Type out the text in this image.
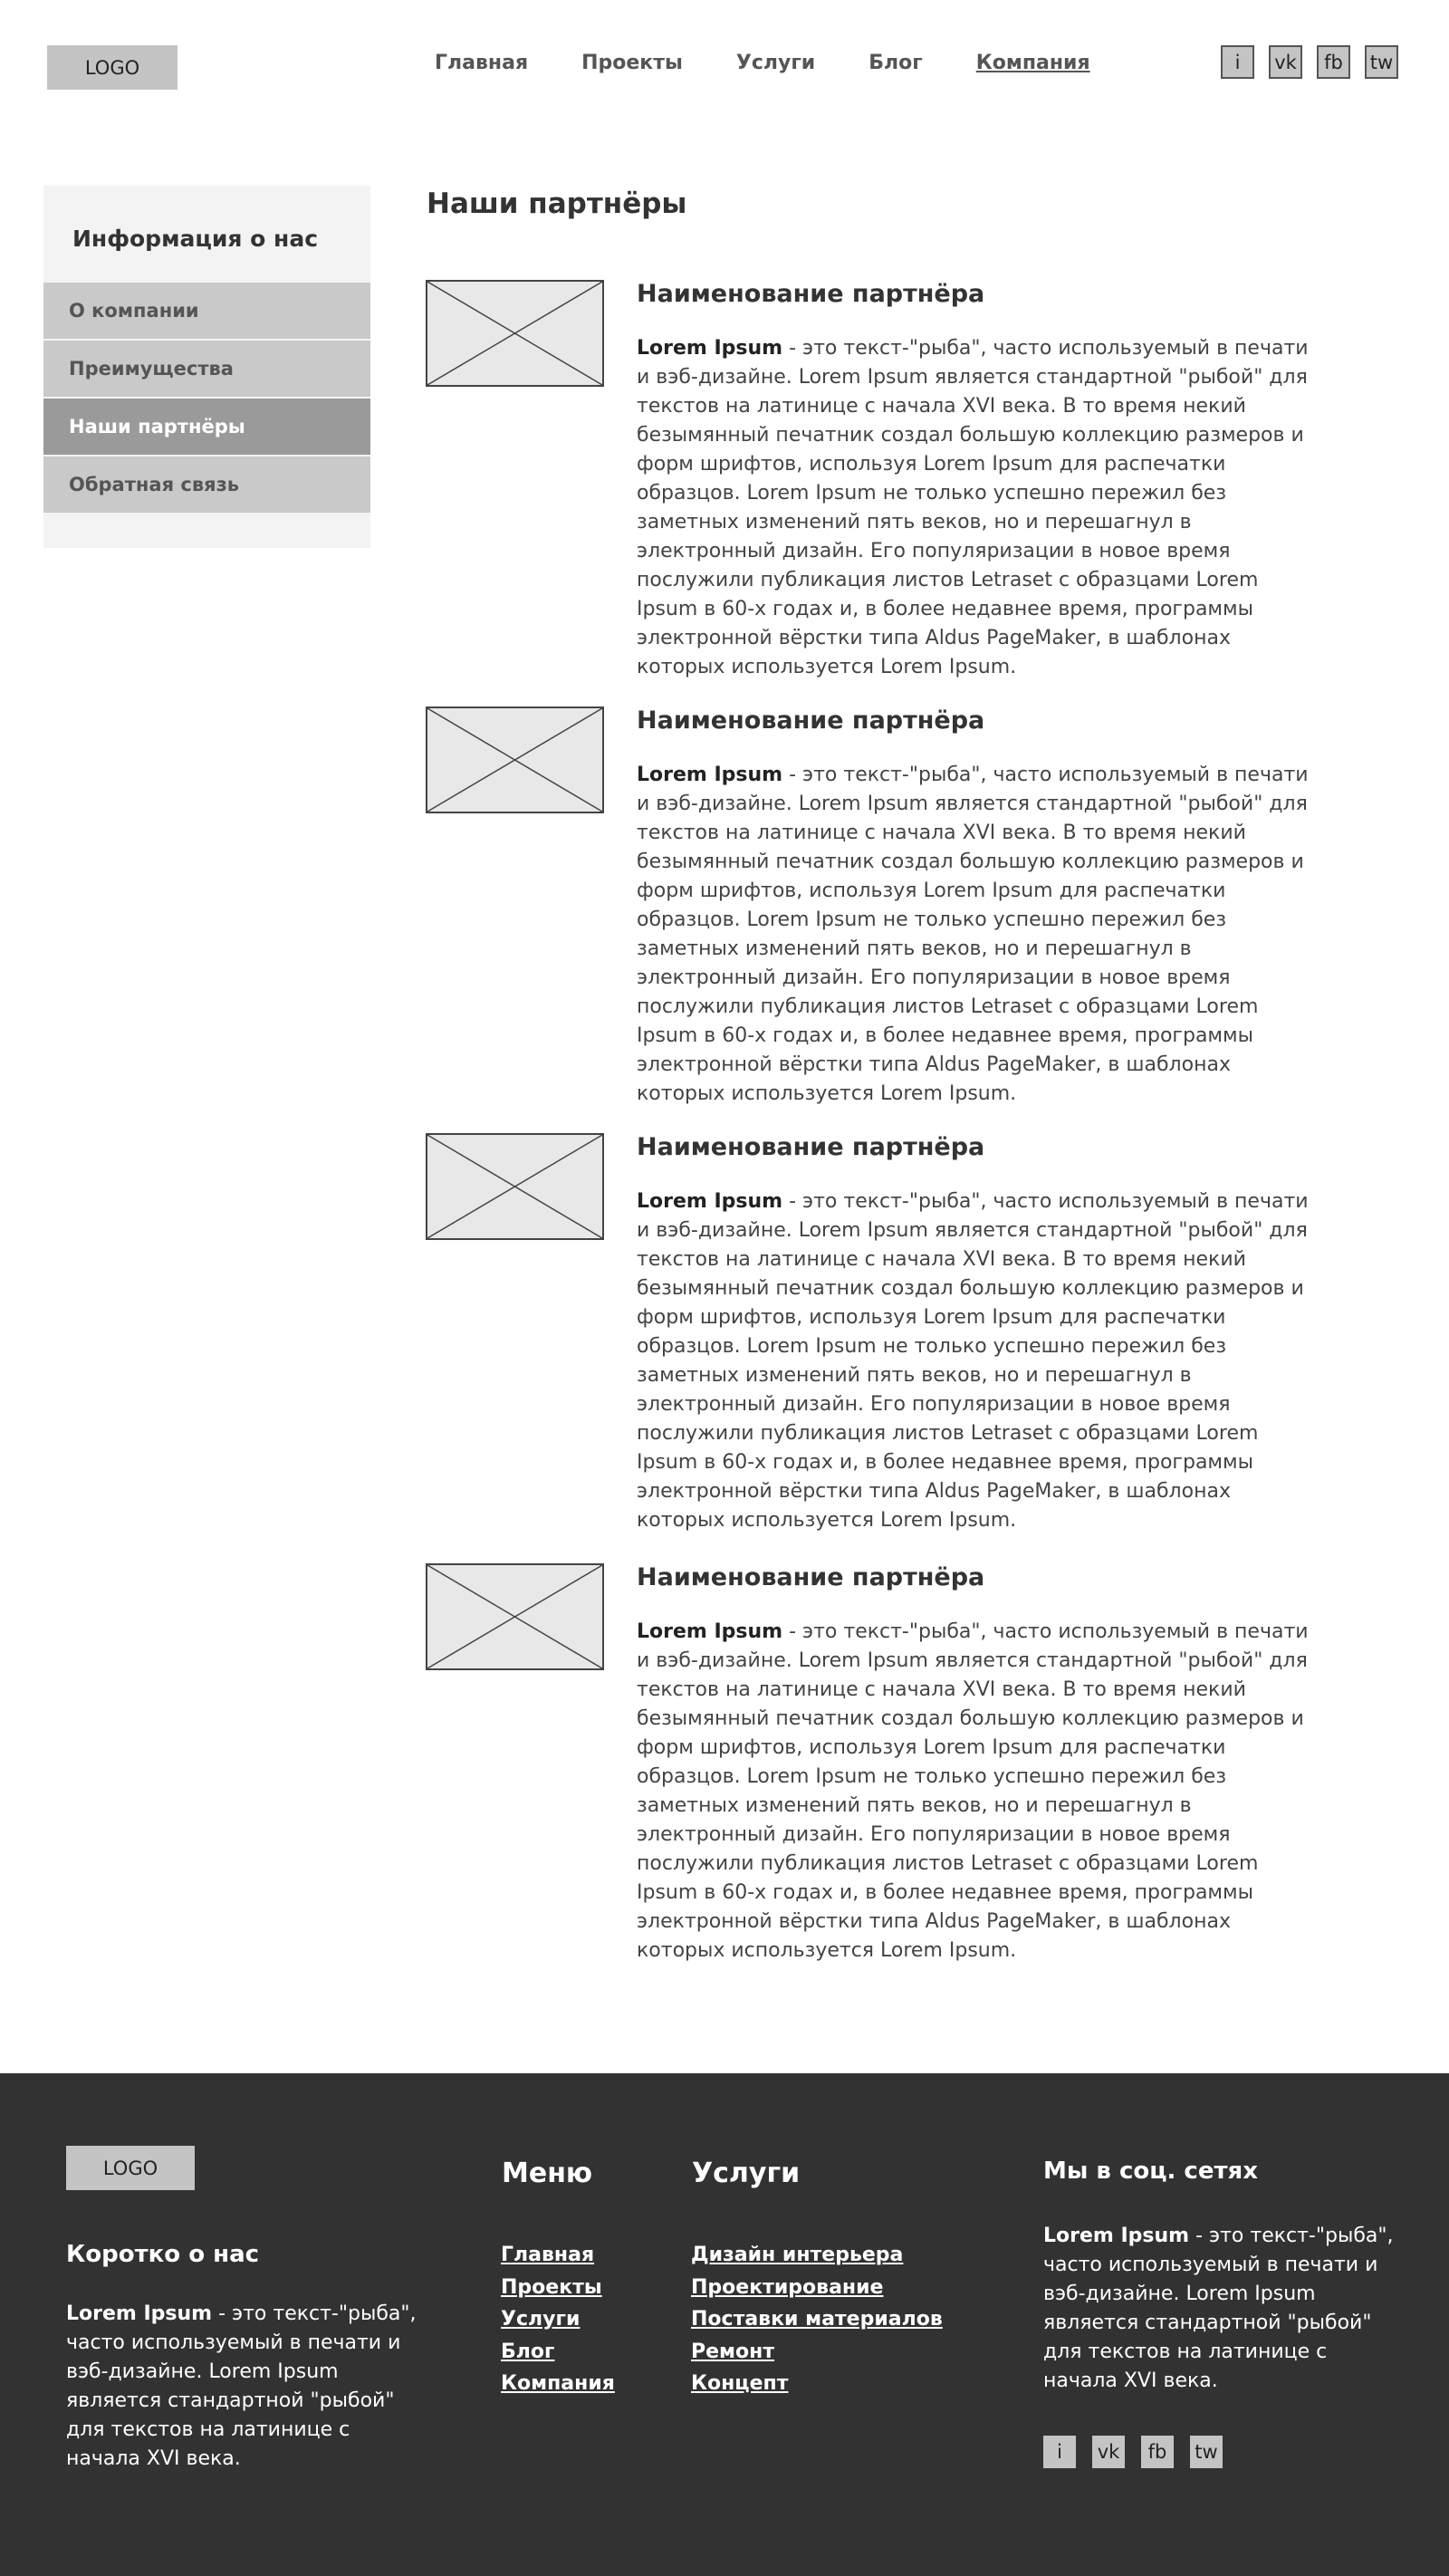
LOGO	Главная	Проекты	Услуги	Блог	Компания	i	vk	fb	tw
Информация о нас
О компании
Преимущества
Наши партнёры
Обратная связь
Наши партнёры
Наименование партнёра

Lorem Ipsum - это текст-"рыба", часто используемый в печати и вэб-дизайне. Lorem Ipsum является стандартной "рыбой" для текстов на латинице с начала XVI века. В то время некий безымянный печатник создал большую коллекцию размеров и форм шрифтов, используя Lorem Ipsum для распечатки образцов. Lorem Ipsum не только успешно пережил без заметных изменений пять веков, но и перешагнул в электронный дизайн. Его популяризации в новое время послужили публикация листов Letraset с образцами Lorem Ipsum в 60-х годах и, в более недавнее время, программы электронной вёрстки типа Aldus PageMaker, в шаблонах которых используется Lorem Ipsum.

Наименование партнёра

Lorem Ipsum - это текст-"рыба", часто используемый в печати и вэб-дизайне. Lorem Ipsum является стандартной "рыбой" для текстов на латинице с начала XVI века. В то время некий безымянный печатник создал большую коллекцию размеров и форм шрифтов, используя Lorem Ipsum для распечатки образцов. Lorem Ipsum не только успешно пережил без заметных изменений пять веков, но и перешагнул в электронный дизайн. Его популяризации в новое время послужили публикация листов Letraset с образцами Lorem Ipsum в 60-х годах и, в более недавнее время, программы электронной вёрстки типа Aldus PageMaker, в шаблонах которых используется Lorem Ipsum.

Наименование партнёра

Lorem Ipsum - это текст-"рыба", часто используемый в печати и вэб-дизайне. Lorem Ipsum является стандартной "рыбой" для текстов на латинице с начала XVI века. В то время некий безымянный печатник создал большую коллекцию размеров и форм шрифтов, используя Lorem Ipsum для распечатки образцов. Lorem Ipsum не только успешно пережил без заметных изменений пять веков, но и перешагнул в электронный дизайн. Его популяризации в новое время послужили публикация листов Letraset с образцами Lorem Ipsum в 60-х годах и, в более недавнее время, программы электронной вёрстки типа Aldus PageMaker, в шаблонах которых используется Lorem Ipsum.

Наименование партнёра

Lorem Ipsum - это текст-"рыба", часто используемый в печати и вэб-дизайне. Lorem Ipsum является стандартной "рыбой" для текстов на латинице с начала XVI века. В то время некий безымянный печатник создал большую коллекцию размеров и форм шрифтов, используя Lorem Ipsum для распечатки образцов. Lorem Ipsum не только успешно пережил без заметных изменений пять веков, но и перешагнул в электронный дизайн. Его популяризации в новое время послужили публикация листов Letraset с образцами Lorem Ipsum в 60-х годах и, в более недавнее время, программы электронной вёрстки типа Aldus PageMaker, в шаблонах которых используется Lorem Ipsum.

LOGO
Коротко о нас

Lorem Ipsum - это текст-"рыба", часто используемый в печати и вэб-дизайне. Lorem Ipsum является стандартной "рыбой" для текстов на латинице с начала XVI века.

Меню
Главная
Проекты
Услуги
Блог
Компания
Услуги
Дизайн интерьера
Проектирование
Поставки материалов
Ремонт
Концепт
Мы в соц. сетях

Lorem Ipsum - это текст-"рыба", часто используемый в печати и вэб-дизайне. Lorem Ipsum является стандартной "рыбой" для текстов на латинице с начала XVI века.

i	vk	fb	tw
